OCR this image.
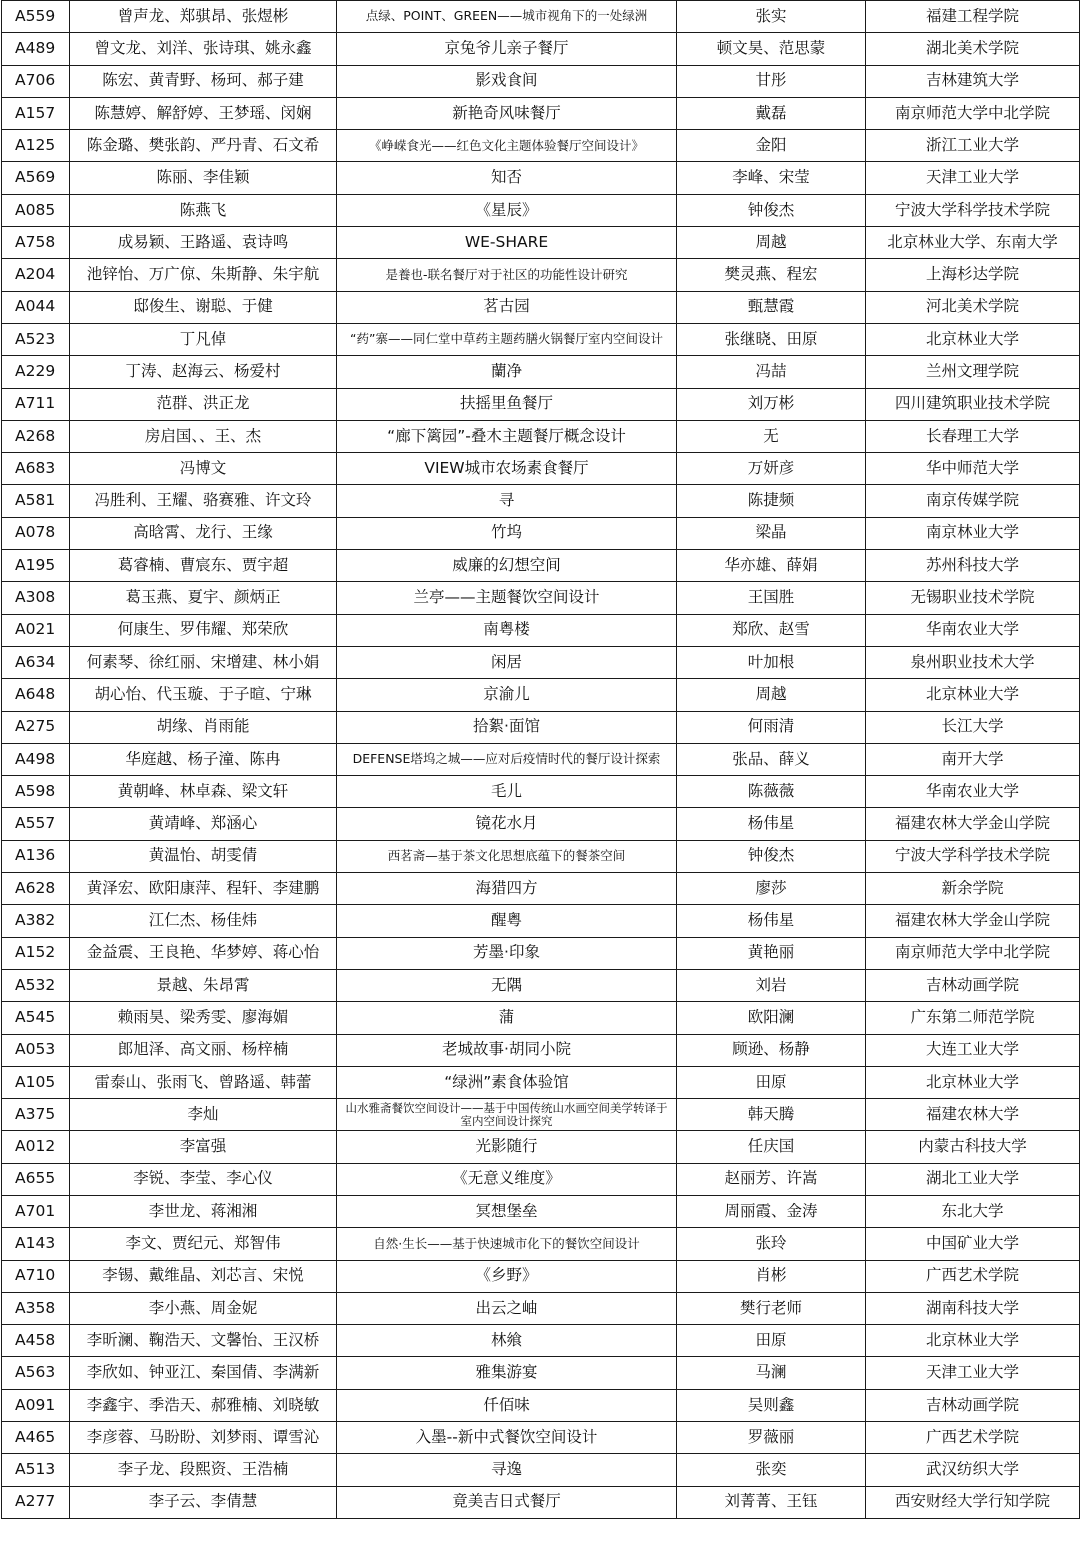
A559	曾声龙、郑骐昂、张煜彬	点绿、POINT、GREEN——城市视角下的一处绿洲	张实	福建工程学院
A489	曾文龙、刘洋、张诗琪、姚永鑫	京兔爷儿亲子餐厅	顿文昊、范思蒙	湖北美术学院
A706	陈宏、黄青野、杨珂、郝子建	影戏食间	甘彤	吉林建筑大学
A157	陈慧婷、解舒婷、王梦瑶、闵娴	新艳奇风味餐厅	戴磊	南京师范大学中北学院
A125	陈金璐、樊张韵、严丹青、石文希	《峥嵘食光——红色文化主题体验餐厅空间设计》	金阳	浙江工业大学
A569	陈丽、李佳颖	知否	李峰、宋莹	天津工业大学
A085	陈燕飞	《星辰》	钟俊杰	宁波大学科学技术学院
A758	成易颖、王路遥、袁诗鸣	WE-SHARE	周越	北京林业大学、东南大学
A204	池锌怡、万广倞、朱斯静、朱宇航	是養也-联名餐厅对于社区的功能性设计研究	樊灵燕、程宏	上海杉达学院
A044	邸俊生、谢聪、于健	茗古园	甄慧霞	河北美术学院
A523	丁凡倬	“药”寨——同仁堂中草药主题药膳火锅餐厅室内空间设计	张继晓、田原	北京林业大学
A229	丁涛、赵海云、杨爱村	蘭净	冯喆	兰州文理学院
A711	范群、洪正龙	扶摇里鱼餐厅	刘万彬	四川建筑职业技术学院
A268	房启国、、王、杰	“廊下篱园”-叠木主题餐厅概念设计	无	长春理工大学
A683	冯博文	VIEW城市农场素食餐厅	万妍彦	华中师范大学
A581	冯胜利、王耀、骆赛雅、许文玲	寻	陈捷频	南京传媒学院
A078	高晗霄、龙行、王缘	竹坞	梁晶	南京林业大学
A195	葛睿楠、曹宸东、贾宇超	威廉的幻想空间	华亦雄、薛娟	苏州科技大学
A308	葛玉燕、夏宇、颜炳正	兰亭——主题餐饮空间设计	王国胜	无锡职业技术学院
A021	何康生、罗伟耀、郑荣欣	南粤楼	郑欣、赵雪	华南农业大学
A634	何素琴、徐红丽、宋增建、林小娟	闲居	叶加根	泉州职业技术大学
A648	胡心怡、代玉璇、于子暄、宁琳	京渝儿	周越	北京林业大学
A275	胡缘、肖雨能	拾絮·面馆	何雨清	长江大学
A498	华庭越、杨子潼、陈冉	DEFENSE塔坞之城——应对后疫情时代的餐厅设计探索	张品、薛义	南开大学
A598	黄朝峰、林卓森、梁文轩	毛儿	陈薇薇	华南农业大学
A557	黄靖峰、郑涵心	镜花水月	杨伟星	福建农林大学金山学院
A136	黄温怡、胡雯倩	西茗斋—基于茶文化思想底蕴下的餐茶空间	钟俊杰	宁波大学科学技术学院
A628	黄泽宏、欧阳康萍、程轩、李建鹏	海猎四方	廖莎	新余学院
A382	江仁杰、杨佳炜	醒粤	杨伟星	福建农林大学金山学院
A152	金益震、王良艳、华梦婷、蒋心怡	芳墨·印象	黄艳丽	南京师范大学中北学院
A532	景越、朱昂霄	无隅	刘岩	吉林动画学院
A545	赖雨昊、梁秀雯、廖海媚	蒲	欧阳澜	广东第二师范学院
A053	郎旭泽、高文丽、杨梓楠	老城故事·胡同小院	顾逊、杨静	大连工业大学
A105	雷泰山、张雨飞、曾路遥、韩蕾	“绿洲”素食体验馆	田原	北京林业大学
A375	李灿	山水雅斋餐饮空间设计——基于中国传统山水画空间美学转译于室内空间设计探究	韩天腾	福建农林大学
A012	李富强	光影随行	任庆国	内蒙古科技大学
A655	李锐、李莹、李心仪	《无意义维度》	赵丽芳、许嵩	湖北工业大学
A701	李世龙、蒋湘湘	冥想堡垒	周丽霞、金涛	东北大学
A143	李文、贾纪元、郑智伟	自然·生长——基于快速城市化下的餐饮空间设计	张玲	中国矿业大学
A710	李锡、戴维晶、刘芯言、宋悦	《乡野》	肖彬	广西艺术学院
A358	李小燕、周金妮	出云之岫	樊行老师	湖南科技大学
A458	李昕澜、鞠浩天、文馨怡、王汉桥	林飨	田原	北京林业大学
A563	李欣如、钟亚江、秦国倩、李满新	雅集游宴	马澜	天津工业大学
A091	李鑫宇、季浩天、郝雅楠、刘晓敏	仟佰味	吴则鑫	吉林动画学院
A465	李彦蓉、马盼盼、刘梦雨、谭雪沁	入墨--新中式餐饮空间设计	罗薇丽	广西艺术学院
A513	李子龙、段熙资、王浩楠	寻逸	张奕	武汉纺织大学
A277	李子云、李倩慧	竟美吉日式餐厅	刘菁菁、王钰	西安财经大学行知学院
